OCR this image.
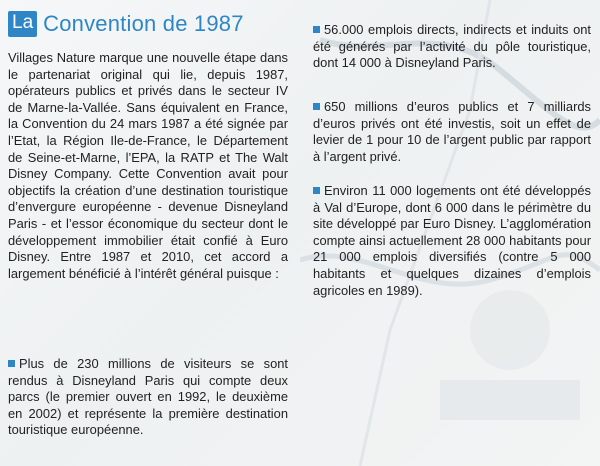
La Convention de 1987
Villages Nature marque une nouvelle étape dans le partenariat original qui lie, depuis 1987, opérateurs publics et privés dans le secteur IV de Marne-la-Vallée. Sans équivalent en France, la Convention du 24 mars 1987 a été signée par l’Etat, la Région Ile-de-France, le Département de Seine-et-Marne, l’EPA, la RATP et The Walt Disney Company. Cette Convention avait pour objectifs la création d’une destination touristique d’envergure européenne - devenue Disneyland Paris - et l’essor économique du secteur dont le développement immobilier était confié à Euro Disney. Entre 1987 et 2010, cet accord a largement bénéficié à l’intérêt général puisque :
Plus de 230 millions de visiteurs se sont rendus à Disneyland Paris qui compte deux parcs (le premier ouvert en 1992, le deuxième en 2002) et représente la première destination touristique européenne.
56.000 emplois directs, indirects et induits ont été générés par l’activité du pôle touristique, dont 14 000 à Disneyland Paris.
650 millions d’euros publics et 7 milliards d’euros privés ont été investis, soit un effet de levier de 1 pour 10 de l’argent public par rapport à l’argent privé.
Environ 11 000 logements ont été développés à Val d’Europe, dont 6 000 dans le périmètre du site développé par Euro Disney. L’agglomération compte ainsi actuellement 28 000 habitants pour 21 000 emplois diversifiés (contre 5 000 habitants et quelques dizaines d’emplois agricoles en 1989).
